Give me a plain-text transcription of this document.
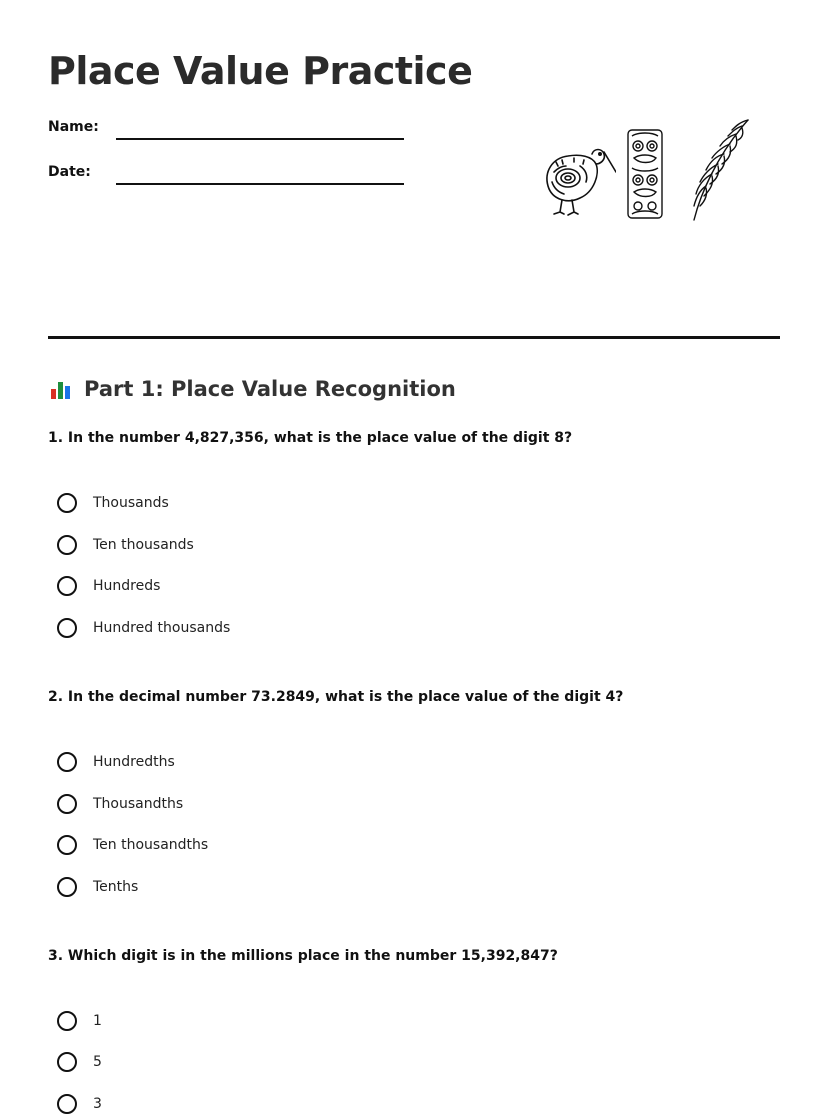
Place Value Practice
Name:
Date:
Part 1: Place Value Recognition

1. In the number 4,827,356, what is the place value of the digit 8?

Thousands
Ten thousands
Hundreds
Hundred thousands

2. In the decimal number 73.2849, what is the place value of the digit 4?

Hundredths
Thousandths
Ten thousandths
Tenths

3. Which digit is in the millions place in the number 15,392,847?

1
5
3
